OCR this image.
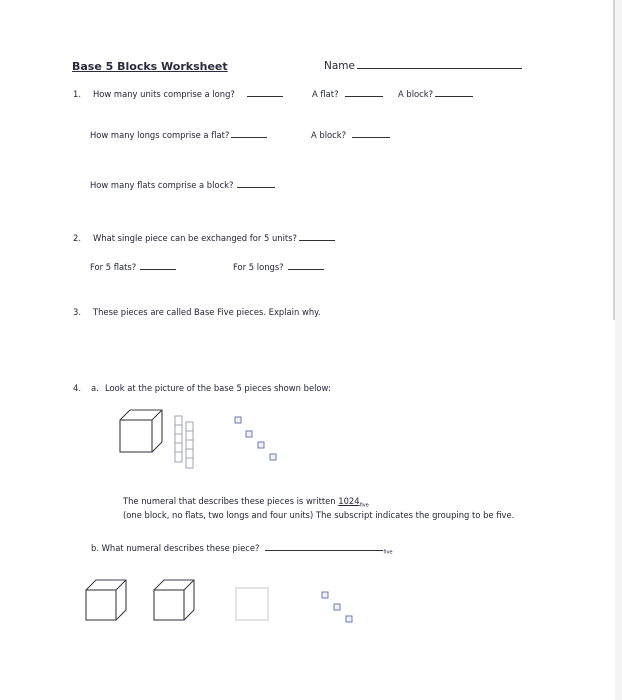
Base 5 Blocks Worksheet	Name
1. How many units comprise a long?	A flat?	A block?
How many longs comprise a flat?	A block?
How many flats comprise a block?
2. What single piece can be exchanged for 5 units?
For 5 flats?	For 5 longs?
3. These pieces are called Base Five pieces. Explain why.
4. a. Look at the picture of the base 5 pieces shown below:
The numeral that describes these pieces is written $1024_{five}$
(one block, no flats, two longs and four units) The subscript indicates the grouping to be five.
b. What numeral describes these piece?	$_{five}$
